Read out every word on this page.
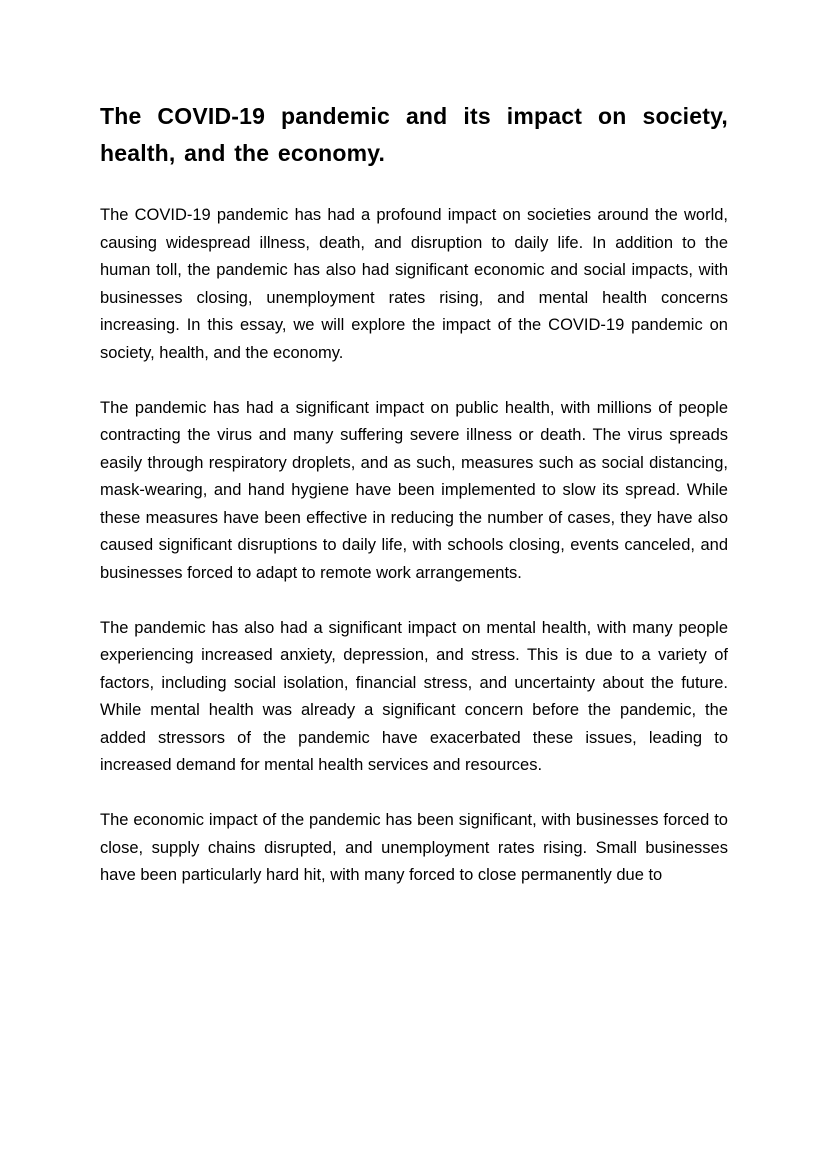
The COVID-19 pandemic and its impact on society, health, and the economy.

The COVID-19 pandemic has had a profound impact on societies around the world, causing widespread illness, death, and disruption to daily life. In addition to the human toll, the pandemic has also had significant economic and social impacts, with businesses closing, unemployment rates rising, and mental health concerns increasing. In this essay, we will explore the impact of the COVID-19 pandemic on society, health, and the economy.

The pandemic has had a significant impact on public health, with millions of people contracting the virus and many suffering severe illness or death. The virus spreads easily through respiratory droplets, and as such, measures such as social distancing, mask-wearing, and hand hygiene have been implemented to slow its spread. While these measures have been effective in reducing the number of cases, they have also caused significant disruptions to daily life, with schools closing, events canceled, and businesses forced to adapt to remote work arrangements.

The pandemic has also had a significant impact on mental health, with many people experiencing increased anxiety, depression, and stress. This is due to a variety of factors, including social isolation, financial stress, and uncertainty about the future. While mental health was already a significant concern before the pandemic, the added stressors of the pandemic have exacerbated these issues, leading to increased demand for mental health services and resources.

The economic impact of the pandemic has been significant, with businesses forced to close, supply chains disrupted, and unemployment rates rising. Small businesses have been particularly hard hit, with many forced to close permanently due to
